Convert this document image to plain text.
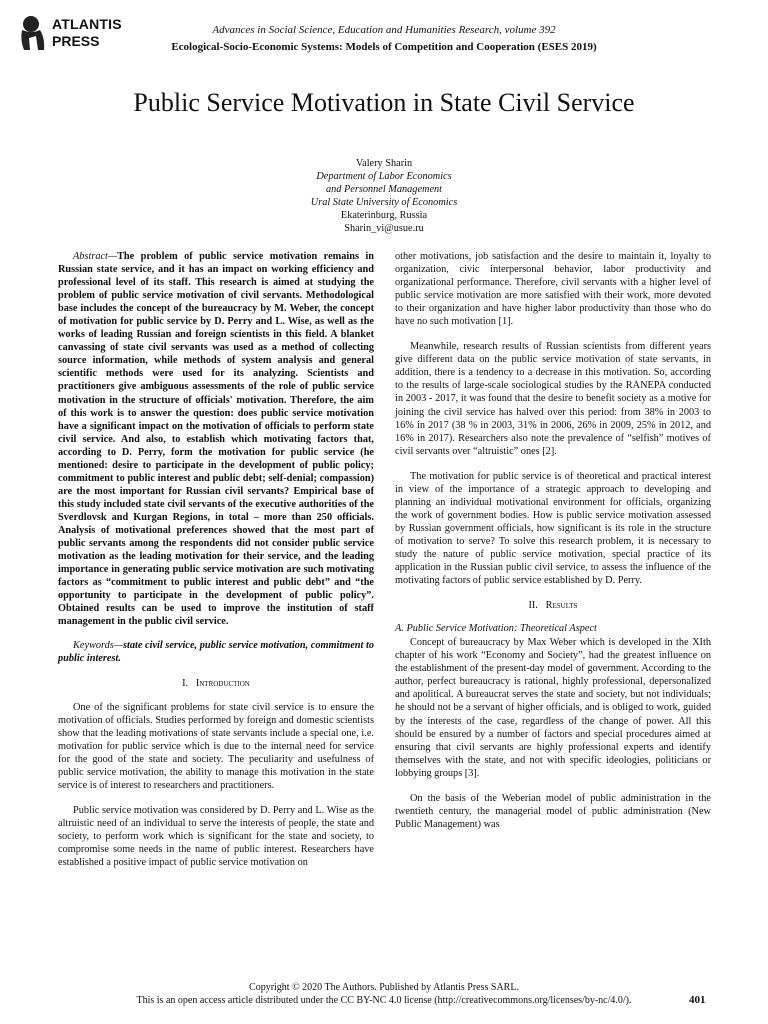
ATLANTIS
PRESS
Advances in Social Science, Education and Humanities Research, volume 392
Ecological-Socio-Economic Systems: Models of Competition and Cooperation (ESES 2019)
Public Service Motivation in State Civil Service
Valery Sharin
Department of Labor Economics
and Personnel Management
Ural State University of Economics
Ekaterinburg, Russia
Sharin_vi@usue.ru

Abstract—The problem of public service motivation remains in Russian state service, and it has an impact on working efficiency and professional level of its staff. This research is aimed at studying the problem of public service motivation of civil servants. Methodological base includes the concept of the bureaucracy by M. Weber, the concept of motivation for public service by D. Perry and L. Wise, as well as the works of leading Russian and foreign scientists in this field. A blanket canvassing of state civil servants was used as a method of collecting source information, while methods of system analysis and general scientific methods were used for its analyzing. Scientists and practitioners give ambiguous assessments of the role of public service motivation in the structure of officials' motivation. Therefore, the aim of this work is to answer the question: does public service motivation have a significant impact on the motivation of officials to perform state civil service. And also, to establish which motivating factors that, according to D. Perry, form the motivation for public service (he mentioned: desire to participate in the development of public policy; commitment to public interest and public debt; self-denial; compassion) are the most important for Russian civil servants? Empirical base of this study included state civil servants of the executive authorities of the Sverdlovsk and Kurgan Regions, in total – more than 250 officials. Analysis of motivational preferences showed that the most part of public servants among the respondents did not consider public service motivation as the leading motivation for their service, and the leading importance in generating public service motivation are such motivating factors as “commitment to public interest and public debt” and “the opportunity to participate in the development of public policy”. Obtained results can be used to improve the institution of staff management in the public civil service.

Keywords—state civil service, public service motivation, commitment to public interest.

I. Introduction

One of the significant problems for state civil service is to ensure the motivation of officials. Studies performed by foreign and domestic scientists show that the leading motivations of state servants include a special one, i.e. motivation for public service which is due to the internal need for service for the good of the state and society. The peculiarity and usefulness of public service motivation, the ability to manage this motivation in the state service is of interest to researchers and practitioners.

Public service motivation was considered by D. Perry and L. Wise as the altruistic need of an individual to serve the interests of people, the state and society, to perform work which is significant for the state and society, to compromise some needs in the name of public interest. Researchers have established a positive impact of public service motivation on

other motivations, job satisfaction and the desire to maintain it, loyalty to organization, civic interpersonal behavior, labor productivity and organizational performance. Therefore, civil servants with a higher level of public service motivation are more satisfied with their work, more devoted to their organization and have higher labor productivity than those who do have no such motivation [1].

Meanwhile, research results of Russian scientists from different years give different data on the public service motivation of state servants, in addition, there is a tendency to a decrease in this motivation. So, according to the results of large-scale sociological studies by the RANEPA conducted in 2003 - 2017, it was found that the desire to benefit society as a motive for joining the civil service has halved over this period: from 38% in 2003 to 16% in 2017 (38 % in 2003, 31% in 2006, 26% in 2009, 25% in 2012, and 16% in 2017). Researchers also note the prevalence of “selfish” motives of civil servants over “altruistic” ones [2].

The motivation for public service is of theoretical and practical interest in view of the importance of a strategic approach to developing and planning an individual motivational environment for officials, organizing the work of government bodies. How is public service motivation assessed by Russian government officials, how significant is its role in the structure of motivation to serve? To solve this research problem, it is necessary to study the nature of public service motivation, special practice of its application in the Russian public civil service, to assess the influence of the motivating factors of public service established by D. Perry.

II. Results

A. Public Service Motivation: Theoretical Aspect

Concept of bureaucracy by Max Weber which is developed in the XIth chapter of his work “Economy and Society”, had the greatest influence on the establishment of the present-day model of government. According to the author, perfect bureaucracy is rational, highly professional, depersonalized and apolitical. A bureaucrat serves the state and society, but not individuals; he should not be a servant of higher officials, and is obliged to work, guided by the interests of the case, regardless of the change of power. All this should be ensured by a number of factors and special procedures aimed at ensuring that civil servants are highly professional experts and identify themselves with the state, and not with specific ideologies, politicians or lobbying groups [3].

On the basis of the Weberian model of public administration in the twentieth century, the managerial model of public administration (New Public Management) was

Copyright © 2020 The Authors. Published by Atlantis Press SARL.
This is an open access article distributed under the CC BY-NC 4.0 license (http://creativecommons.org/licenses/by-nc/4.0/).	401
